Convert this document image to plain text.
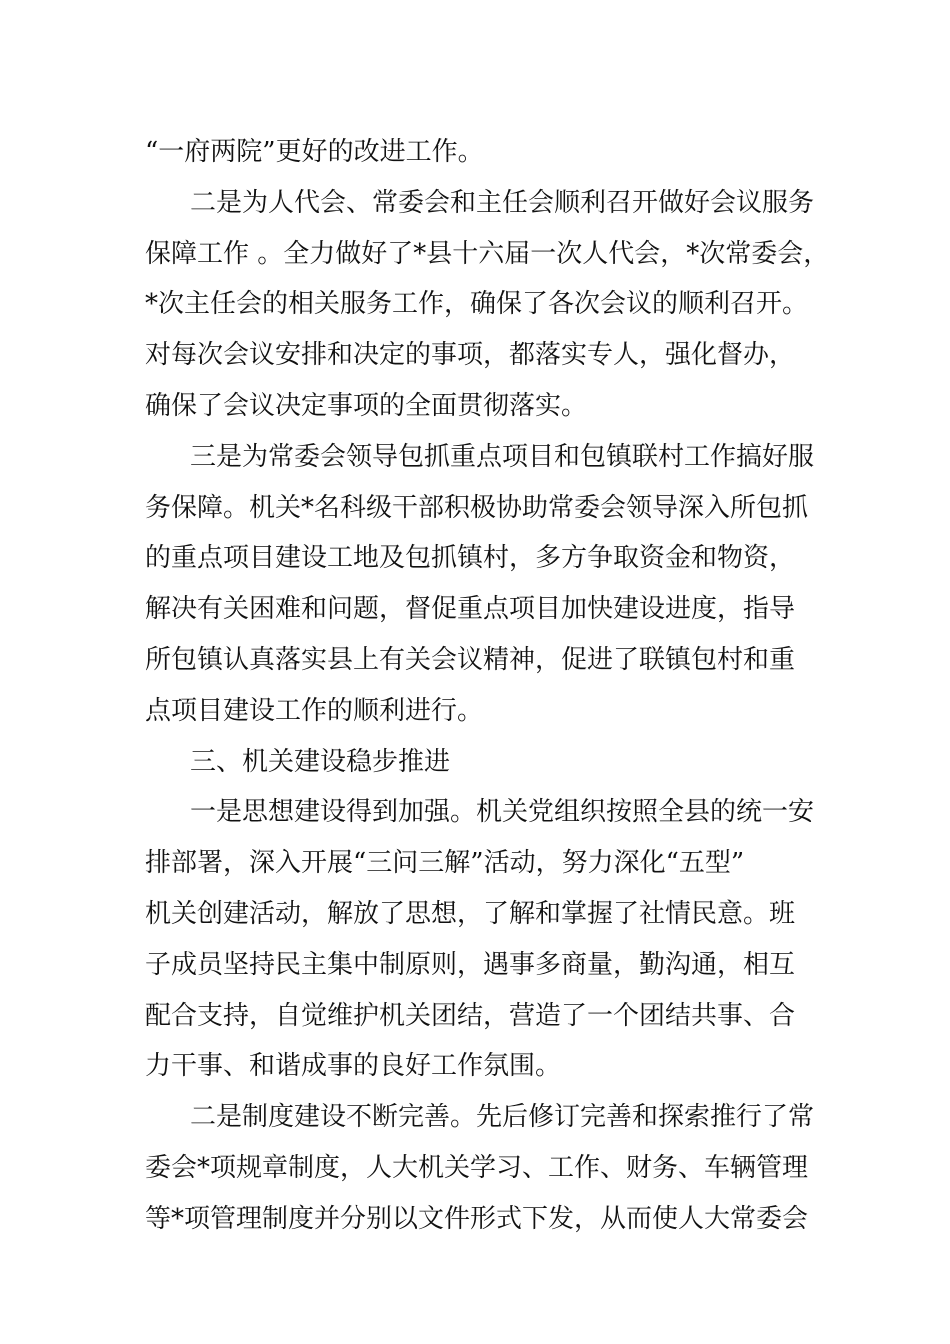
“一府两院”更好的改进工作。
二是为人代会、常委会和主任会顺利召开做好会议服务
保障工作 。全力做好了*县十六届一次人代会，*次常委会，
*次主任会的相关服务工作，确保了各次会议的顺利召开。
对每次会议安排和决定的事项，都落实专人，强化督办，
确保了会议决定事项的全面贯彻落实。
三是为常委会领导包抓重点项目和包镇联村工作搞好服
务保障。机关*名科级干部积极协助常委会领导深入所包抓
的重点项目建设工地及包抓镇村，多方争取资金和物资，
解决有关困难和问题，督促重点项目加快建设进度，指导
所包镇认真落实县上有关会议精神，促进了联镇包村和重
点项目建设工作的顺利进行。
三、机关建设稳步推进
一是思想建设得到加强。机关党组织按照全县的统一安
排部署，深入开展“三问三解”活动，努力深化“五型”
机关创建活动，解放了思想，了解和掌握了社情民意。班
子成员坚持民主集中制原则，遇事多商量，勤沟通，相互
配合支持，自觉维护机关团结，营造了一个团结共事、合
力干事、和谐成事的良好工作氛围。
二是制度建设不断完善。先后修订完善和探索推行了常
委会*项规章制度，人大机关学习、工作、财务、车辆管理
等*项管理制度并分别以文件形式下发，从而使人大常委会
